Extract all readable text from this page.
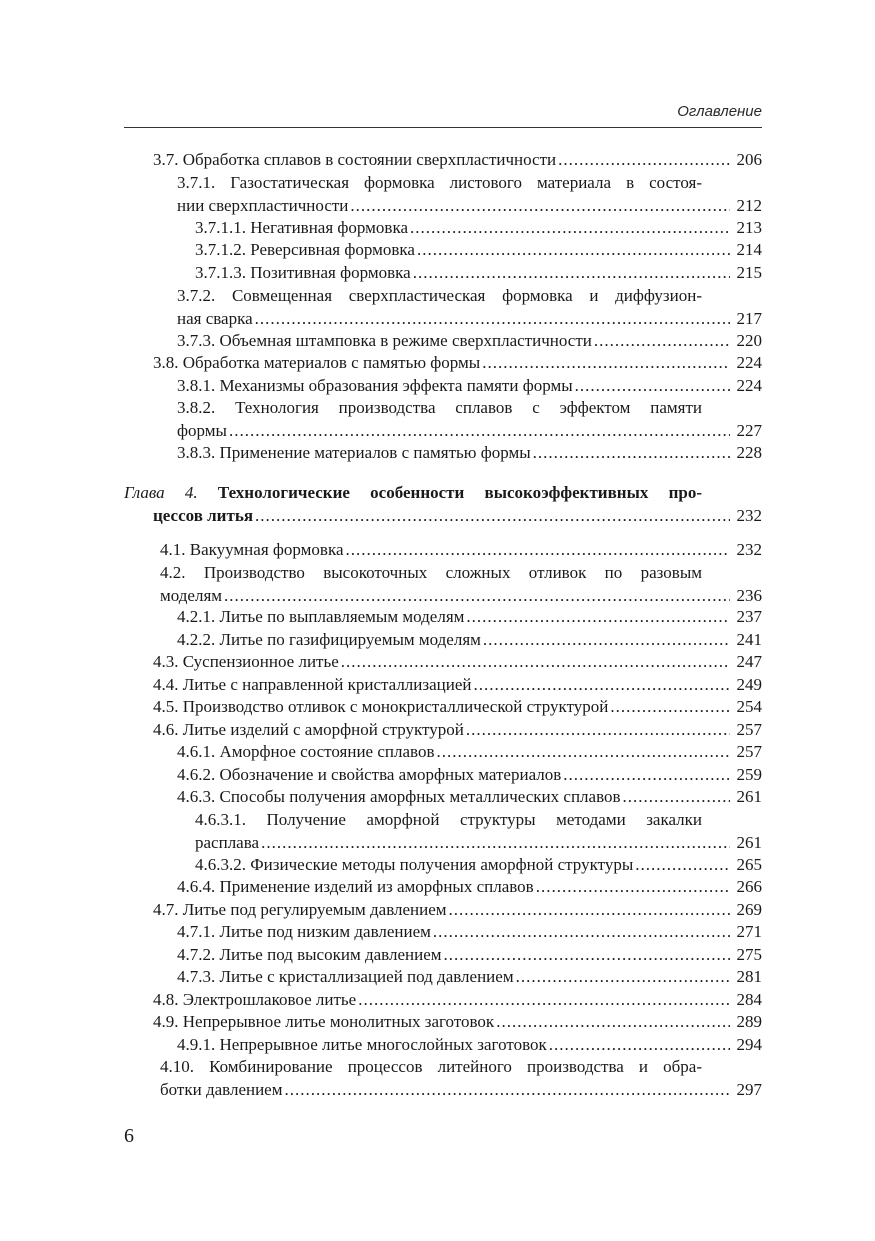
Оглавление
3.7. Обработка сплавов в состоянии сверхпластичности .....	206
3.7.1. Газостатическая формовка листового материала в состоя-
нии сверхпластичности .....	212
3.7.1.1. Негативная формовка .....	213
3.7.1.2. Реверсивная формовка .....	214
3.7.1.3. Позитивная формовка .....	215
3.7.2. Совмещенная сверхпластическая формовка и диффузион-
ная сварка .....	217
3.7.3. Объемная штамповка в режиме сверхпластичности .....	220
3.8. Обработка материалов с памятью формы .....	224
3.8.1. Механизмы образования эффекта памяти формы .....	224
3.8.2. Технология производства сплавов с эффектом памяти
формы .....	227
3.8.3. Применение материалов с памятью формы .....	228
Глава 4. Технологические особенности высокоэффективных про-
цессов литья .....	232
4.1. Вакуумная формовка .....	232
4.2. Производство высокоточных сложных отливок по разовым
моделям .....	236
4.2.1. Литье по выплавляемым моделям .....	237
4.2.2. Литье по газифицируемым моделям .....	241
4.3. Суспензионное литье .....	247
4.4. Литье с направленной кристаллизацией .....	249
4.5. Производство отливок с монокристаллической структурой .....	254
4.6. Литье изделий с аморфной структурой .....	257
4.6.1. Аморфное состояние сплавов .....	257
4.6.2. Обозначение и свойства аморфных материалов .....	259
4.6.3. Способы получения аморфных металлических сплавов .....	261
4.6.3.1. Получение аморфной структуры методами закалки
расплава .....	261
4.6.3.2. Физические методы получения аморфной структуры .....	265
4.6.4. Применение изделий из аморфных сплавов .....	266
4.7. Литье под регулируемым давлением .....	269
4.7.1. Литье под низким давлением .....	271
4.7.2. Литье под высоким давлением .....	275
4.7.3. Литье с кристаллизацией под давлением .....	281
4.8. Электрошлаковое литье .....	284
4.9. Непрерывное литье монолитных заготовок .....	289
4.9.1. Непрерывное литье многослойных заготовок .....	294
4.10. Комбинирование процессов литейного производства и обра-
ботки давлением .....	297
6
